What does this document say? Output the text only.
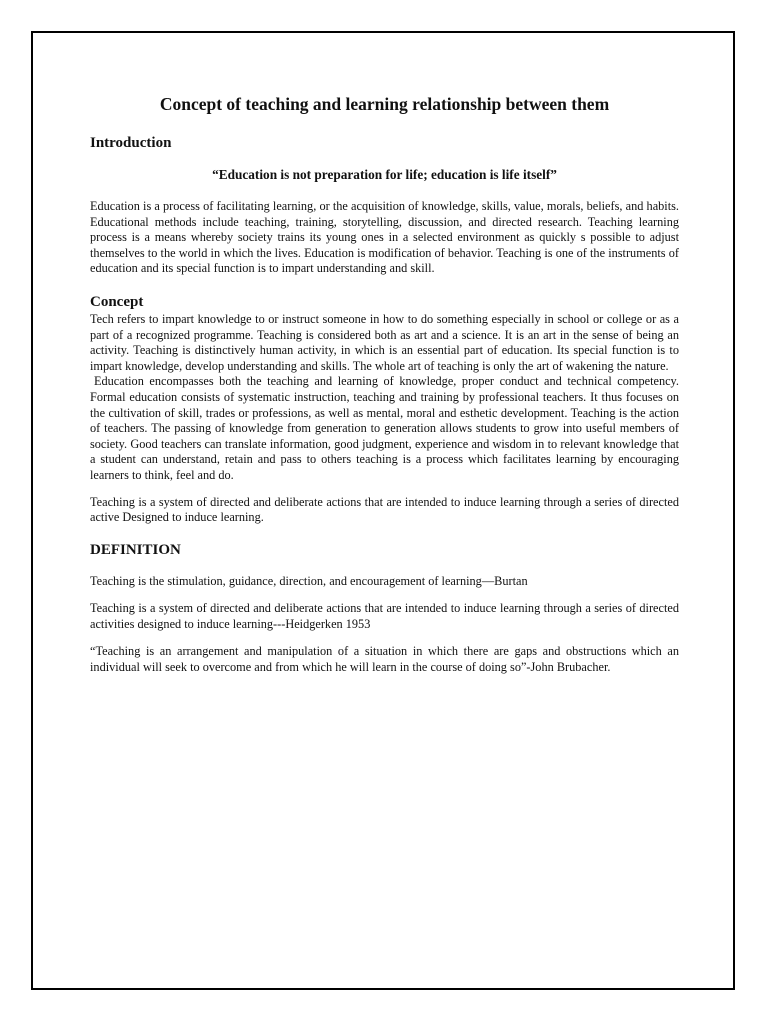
Concept of teaching and learning relationship between them
Introduction

“Education is not preparation for life; education is life itself”

Education is a process of facilitating learning, or the acquisition of knowledge, skills, value, morals, beliefs, and habits. Educational methods include teaching, training, storytelling, discussion, and directed research. Teaching learning process is a means whereby society trains its young ones in a selected environment as quickly s possible to adjust themselves to the world in which the lives. Education is modification of behavior. Teaching is one of the instruments of education and its special function is to impart understanding and skill.

Concept

Tech refers to impart knowledge to or instruct someone in how to do something especially in school or college or as a part of a recognized programme. Teaching is considered both as art and a science. It is an art in the sense of being an activity. Teaching is distinctively human activity, in which is an essential part of education. Its special function is to impart knowledge, develop understanding and skills. The whole art of teaching is only the art of wakening the nature.

Education encompasses both the teaching and learning of knowledge, proper conduct and technical competency. Formal education consists of systematic instruction, teaching and training by professional teachers. It thus focuses on the cultivation of skill, trades or professions, as well as mental, moral and esthetic development. Teaching is the action of teachers. The passing of knowledge from generation to generation allows students to grow into useful members of society. Good teachers can translate information, good judgment, experience and wisdom in to relevant knowledge that a student can understand, retain and pass to others teaching is a process which facilitates learning by encouraging learners to think, feel and do.

Teaching is a system of directed and deliberate actions that are intended to induce learning through a series of directed active Designed to induce learning.

DEFINITION

Teaching is the stimulation, guidance, direction, and encouragement of learning—Burtan

Teaching is a system of directed and deliberate actions that are intended to induce learning through a series of directed activities designed to induce learning---Heidgerken 1953

“Teaching is an arrangement and manipulation of a situation in which there are gaps and obstructions which an individual will seek to overcome and from which he will learn in the course of doing so”-John Brubacher.
